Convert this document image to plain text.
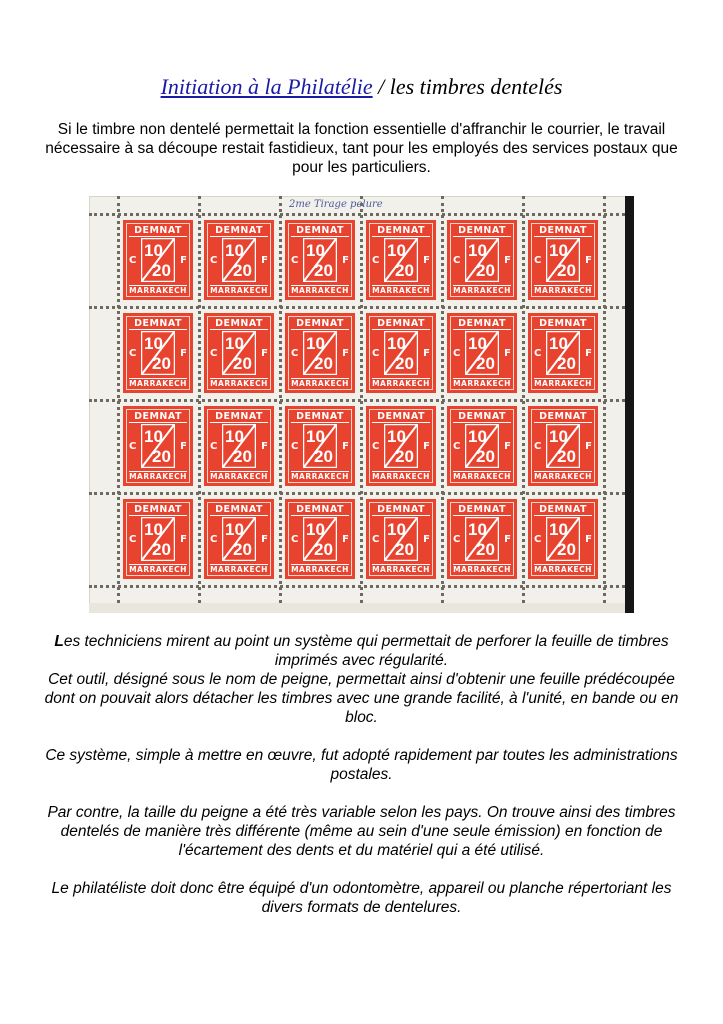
Initiation à la Philatélie / les timbres dentelés
Si le timbre non dentelé permettait la fonction essentielle d'affranchir le courrier, le travail nécessaire à sa découpe restait fastidieux, tant pour les employés des services postaux que pour les particuliers.
2me Tirage pelure
DEMNAT
C	F
10
20
MARRAKECH
DEMNAT
C	F
10
20
MARRAKECH
DEMNAT
C	F
10
20
MARRAKECH
DEMNAT
C	F
10
20
MARRAKECH
DEMNAT
C	F
10
20
MARRAKECH
DEMNAT
C	F
10
20
MARRAKECH
DEMNAT
C	F
10
20
MARRAKECH
DEMNAT
C	F
10
20
MARRAKECH
DEMNAT
C	F
10
20
MARRAKECH
DEMNAT
C	F
10
20
MARRAKECH
DEMNAT
C	F
10
20
MARRAKECH
DEMNAT
C	F
10
20
MARRAKECH
DEMNAT
C	F
10
20
MARRAKECH
DEMNAT
C	F
10
20
MARRAKECH
DEMNAT
C	F
10
20
MARRAKECH
DEMNAT
C	F
10
20
MARRAKECH
DEMNAT
C	F
10
20
MARRAKECH
DEMNAT
C	F
10
20
MARRAKECH
DEMNAT
C	F
10
20
MARRAKECH
DEMNAT
C	F
10
20
MARRAKECH
DEMNAT
C	F
10
20
MARRAKECH
DEMNAT
C	F
10
20
MARRAKECH
DEMNAT
C	F
10
20
MARRAKECH
DEMNAT
C	F
10
20
MARRAKECH

Les techniciens mirent au point un système qui permettait de perforer la feuille de timbres imprimés avec régularité.
Cet outil, désigné sous le nom de peigne, permettait ainsi d'obtenir une feuille prédécoupée dont on pouvait alors détacher les timbres avec une grande facilité, à l'unité, en bande ou en bloc.

Ce système, simple à mettre en œuvre, fut adopté rapidement par toutes les administrations postales.

Par contre, la taille du peigne a été très variable selon les pays. On trouve ainsi des timbres dentelés de manière très différente (même au sein d'une seule émission) en fonction de l'écartement des dents et du matériel qui a été utilisé.

Le philatéliste doit donc être équipé d'un odontomètre, appareil ou planche répertoriant les divers formats de dentelures.
